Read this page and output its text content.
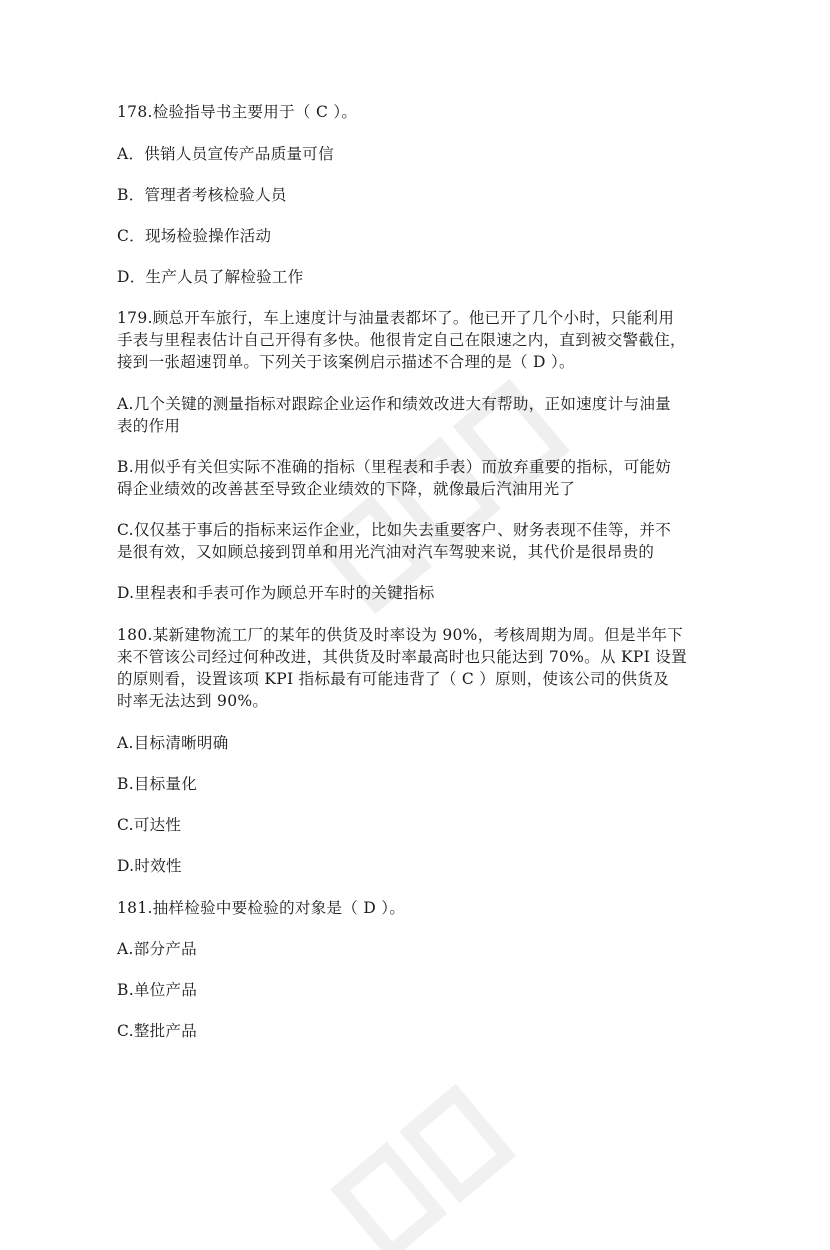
178.检验指导书主要用于（ C ）。
A．供销人员宣传产品质量可信
B．管理者考核检验人员
C．现场检验操作活动
D．生产人员了解检验工作
179.顾总开车旅行，车上速度计与油量表都坏了。他已开了几个小时，只能利用
手表与里程表估计自己开得有多快。他很肯定自己在限速之内，直到被交警截住，
接到一张超速罚单。下列关于该案例启示描述不合理的是（ D ）。
A.几个关键的测量指标对跟踪企业运作和绩效改进大有帮助，正如速度计与油量
表的作用
B.用似乎有关但实际不准确的指标（里程表和手表）而放弃重要的指标，可能妨
碍企业绩效的改善甚至导致企业绩效的下降，就像最后汽油用光了
C.仅仅基于事后的指标来运作企业，比如失去重要客户、财务表现不佳等，并不
是很有效，又如顾总接到罚单和用光汽油对汽车驾驶来说，其代价是很昂贵的
D.里程表和手表可作为顾总开车时的关键指标
180.某新建物流工厂的某年的供货及时率设为 90%，考核周期为周。但是半年下
来不管该公司经过何种改进，其供货及时率最高时也只能达到 70%。从 KPI 设置
的原则看，设置该项 KPI 指标最有可能违背了（ C ）原则，使该公司的供货及
时率无法达到 90%。
A.目标清晰明确
B.目标量化
C.可达性
D.时效性
181.抽样检验中要检验的对象是（ D ）。
A.部分产品
B.单位产品
C.整批产品
